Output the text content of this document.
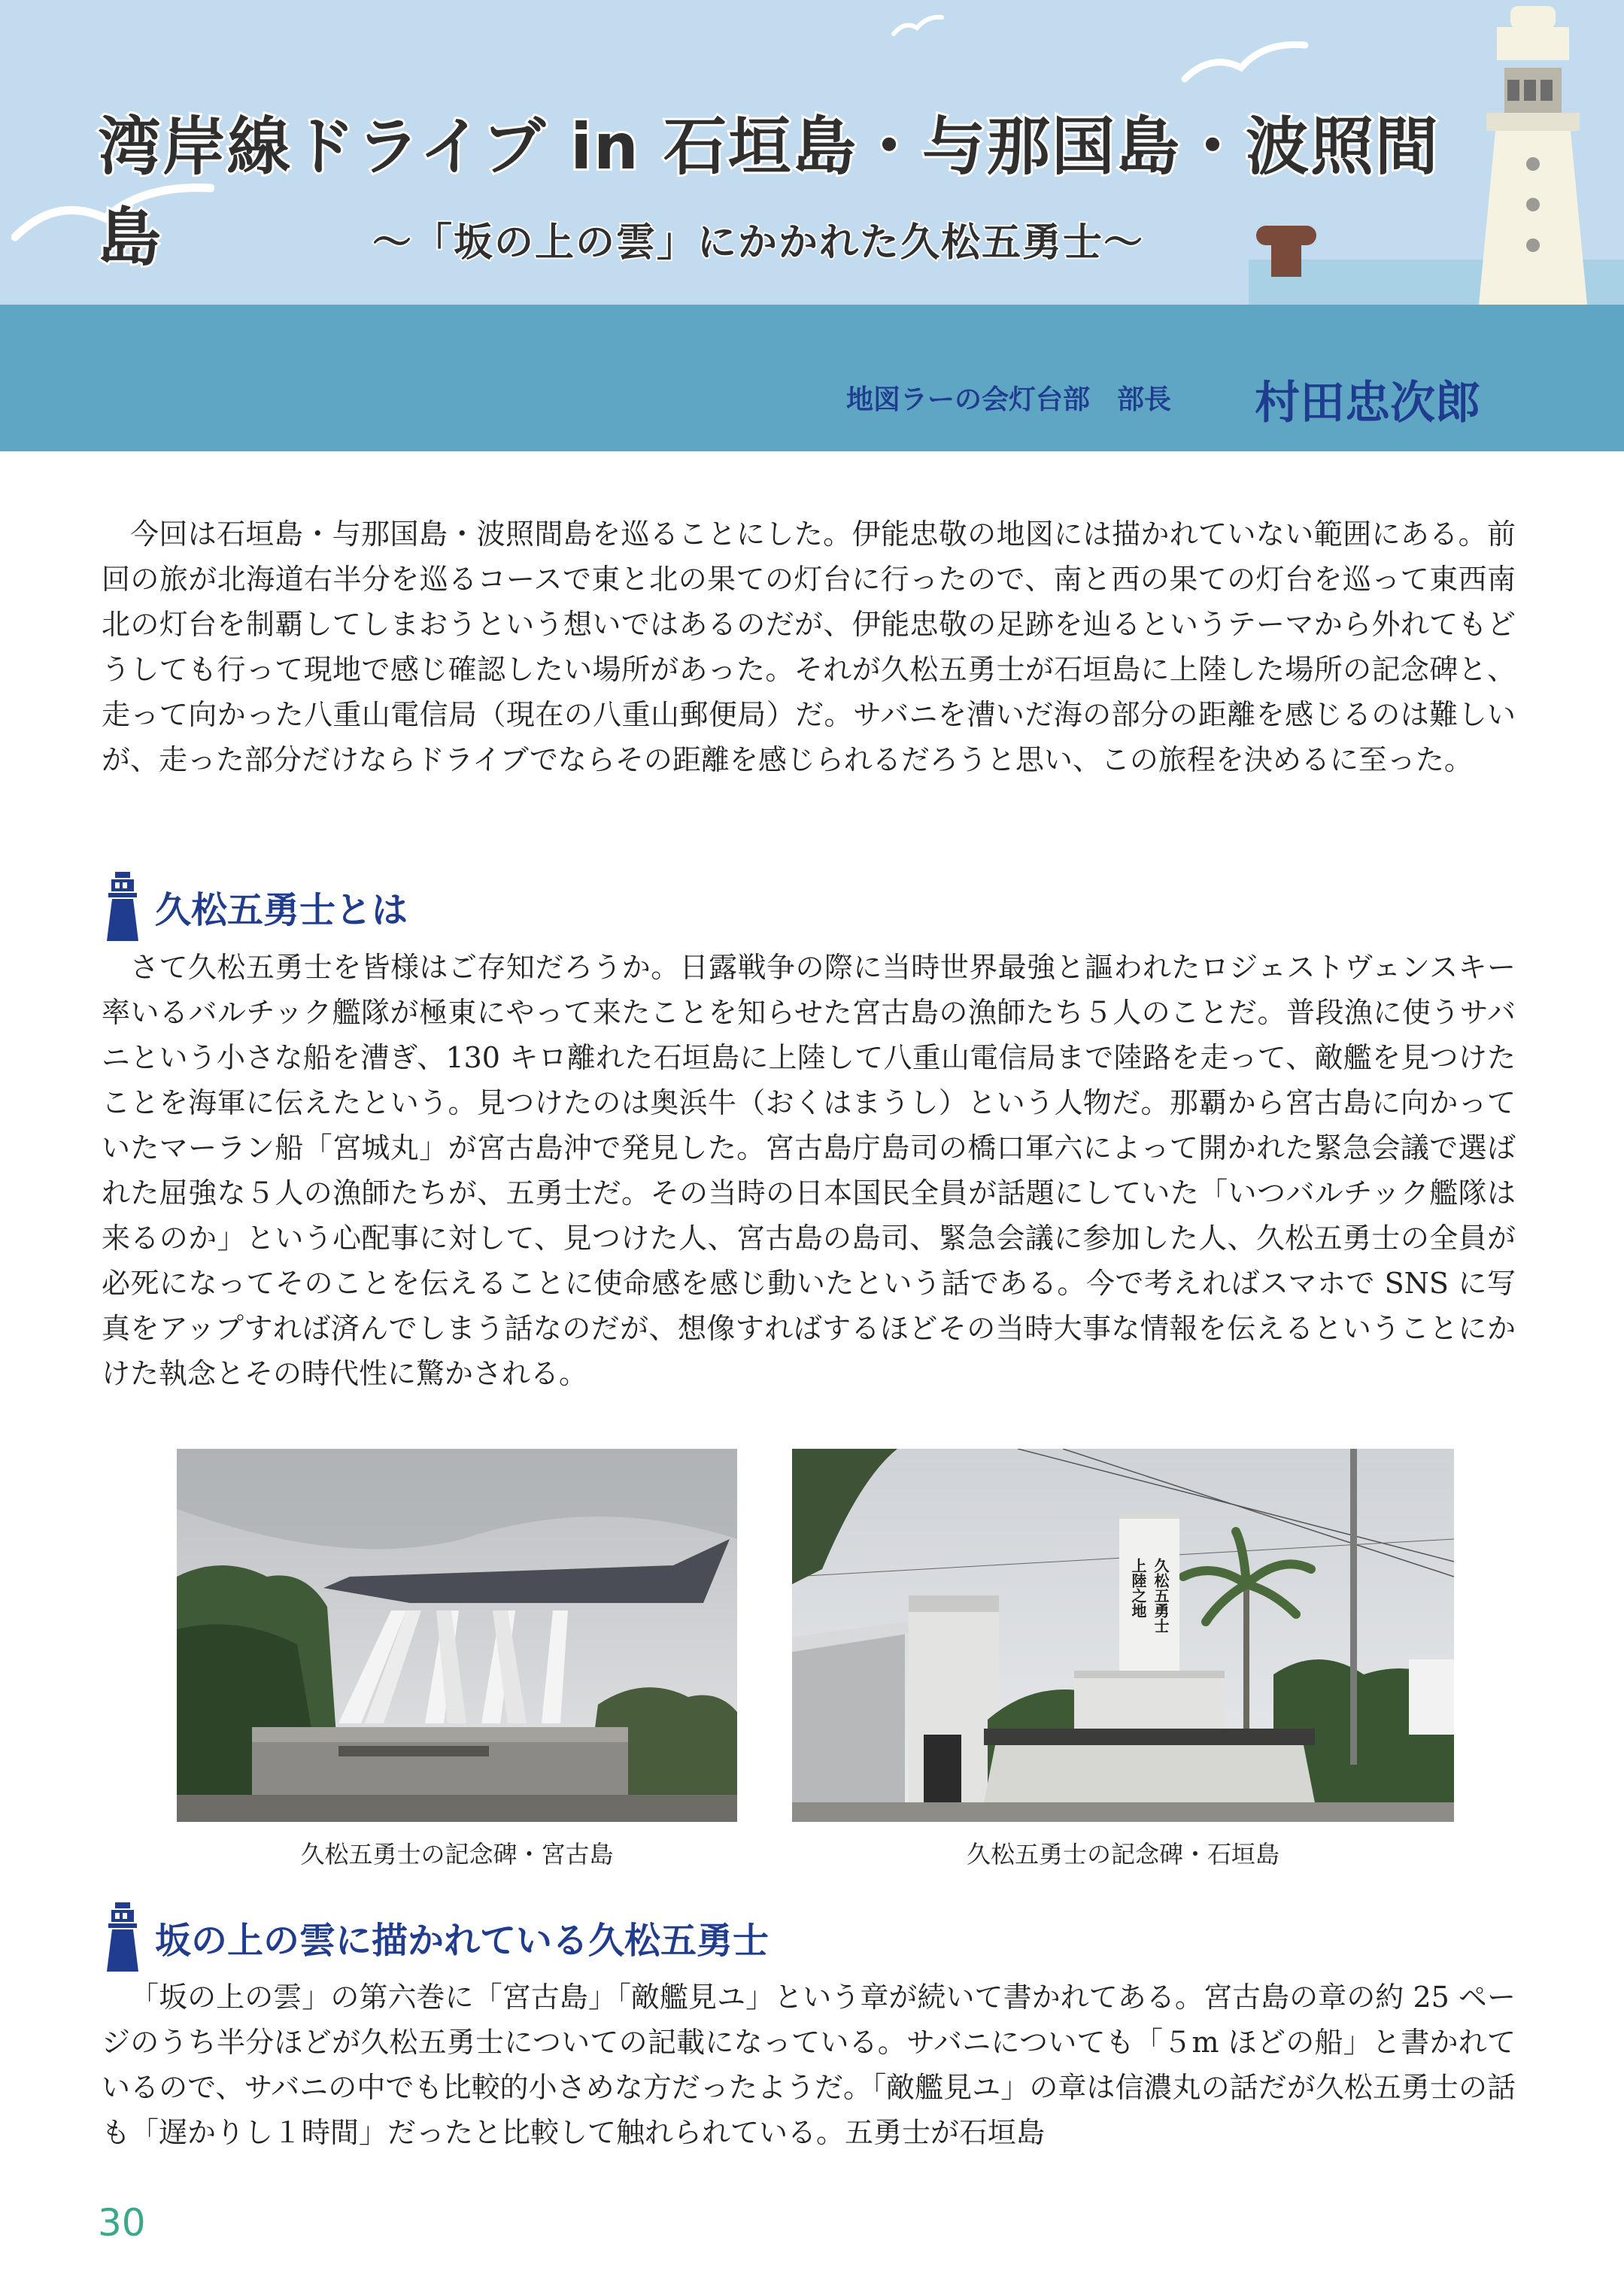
湾岸線ドライブ in 石垣島・与那国島・波照間島	～「坂の上の雲」にかかれた久松五勇士～
地図ラーの会灯台部　部長 村田忠次郎

今回は石垣島・与那国島・波照間島を巡ることにした。伊能忠敬の地図には描かれていない範囲にある。前回の旅が北海道右半分を巡るコースで東と北の果ての灯台に行ったので、南と西の果ての灯台を巡って東西南北の灯台を制覇してしまおうという想いではあるのだが、伊能忠敬の足跡を辿るというテーマから外れてもどうしても行って現地で感じ確認したい場所があった。それが久松五勇士が石垣島に上陸した場所の記念碑と、走って向かった八重山電信局（現在の八重山郵便局）だ。サバニを漕いだ海の部分の距離を感じるのは難しいが、走った部分だけならドライブでならその距離を感じられるだろうと思い、この旅程を決めるに至った。

久松五勇士とは

さて久松五勇士を皆様はご存知だろうか。日露戦争の際に当時世界最強と謳われたロジェストヴェンスキー率いるバルチック艦隊が極東にやって来たことを知らせた宮古島の漁師たち５人のことだ。普段漁に使うサバニという小さな船を漕ぎ、130 キロ離れた石垣島に上陸して八重山電信局まで陸路を走って、敵艦を見つけたことを海軍に伝えたという。見つけたのは奥浜牛（おくはまうし）という人物だ。那覇から宮古島に向かっていたマーラン船「宮城丸」が宮古島沖で発見した。宮古島庁島司の橋口軍六によって開かれた緊急会議で選ばれた屈強な５人の漁師たちが、五勇士だ。その当時の日本国民全員が話題にしていた「いつバルチック艦隊は来るのか」という心配事に対して、見つけた人、宮古島の島司、緊急会議に参加した人、久松五勇士の全員が必死になってそのことを伝えることに使命感を感じ動いたという話である。今で考えればスマホで SNS に写真をアップすれば済んでしまう話なのだが、想像すればするほどその当時大事な情報を伝えるということにかけた執念とその時代性に驚かされる。

久松五勇士
上陸之地
久松五勇士の記念碑・宮古島	久松五勇士の記念碑・石垣島
坂の上の雲に描かれている久松五勇士

「坂の上の雲」の第六巻に「宮古島」「敵艦見ユ」という章が続いて書かれてある。宮古島の章の約 25 ページのうち半分ほどが久松五勇士についての記載になっている。サバニについても「５m ほどの船」と書かれているので、サバニの中でも比較的小さめな方だったようだ。「敵艦見ユ」の章は信濃丸の話だが久松五勇士の話も「遅かりし１時間」だったと比較して触れられている。五勇士が石垣島

30
